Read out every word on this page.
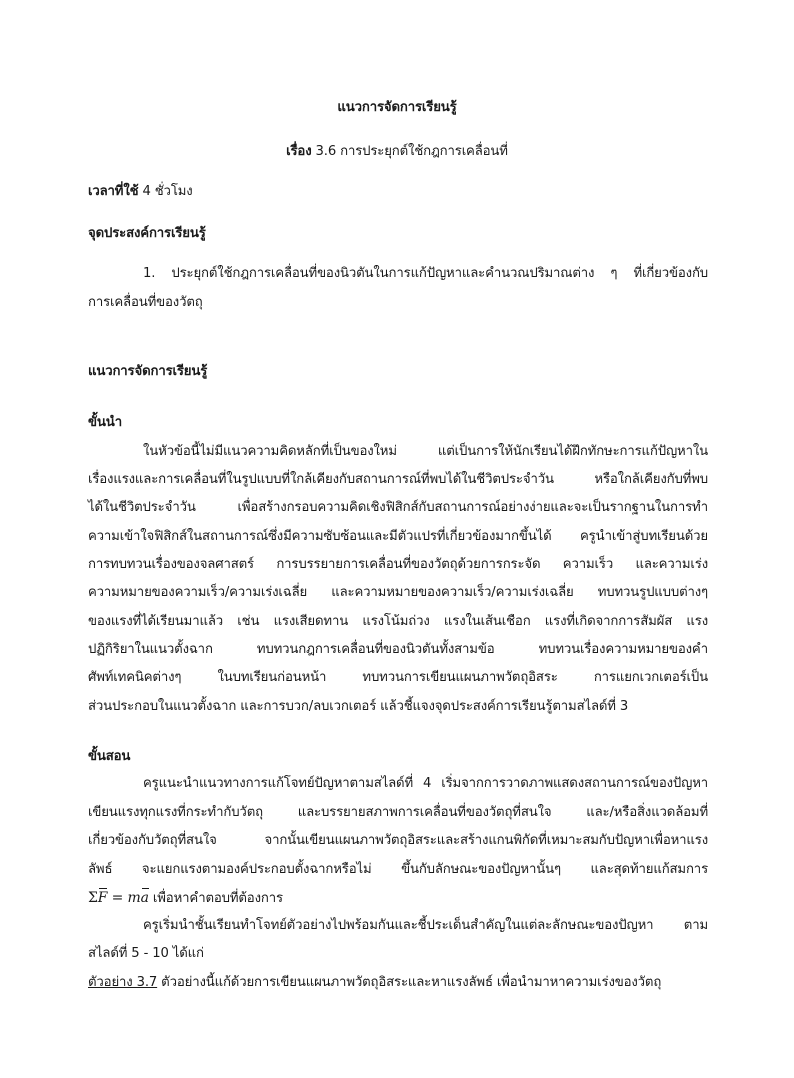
แนวการจัดการเรียนรู้
เรื่อง 3.6 การประยุกต์ใช้กฎการเคลื่อนที่
เวลาที่ใช้ 4 ชั่วโมง
จุดประสงค์การเรียนรู้
1. ประยุกต์ใช้กฎการเคลื่อนที่ของนิวตันในการแก้ปัญหาและคำนวณปริมาณต่าง ๆ ที่เกี่ยวข้องกับ
การเคลื่อนที่ของวัตถุ
แนวการจัดการเรียนรู้
ขั้นนำ
ในหัวข้อนี้ไม่มีแนวความคิดหลักที่เป็นของใหม่ แต่เป็นการให้นักเรียนได้ฝึกทักษะการแก้ปัญหาใน
เรื่องแรงและการเคลื่อนที่ในรูปแบบที่ใกล้เคียงกับสถานการณ์ที่พบได้ในชีวิตประจำวัน หรือใกล้เคียงกับที่พบ
ได้ในชีวิตประจำวัน เพื่อสร้างกรอบความคิดเชิงฟิสิกส์กับสถานการณ์อย่างง่ายและจะเป็นรากฐานในการทำ
ความเข้าใจฟิสิกส์ในสถานการณ์ซึ่งมีความซับซ้อนและมีตัวแปรที่เกี่ยวข้องมากขึ้นได้ ครูนำเข้าสู่บทเรียนด้วย
การทบทวนเรื่องของจลศาสตร์ การบรรยายการเคลื่อนที่ของวัตถุด้วยการกระจัด ความเร็ว และความเร่ง
ความหมายของความเร็ว/ความเร่งเฉลี่ย และความหมายของความเร็ว/ความเร่งเฉลี่ย ทบทวนรูปแบบต่างๆ
ของแรงที่ได้เรียนมาแล้ว เช่น แรงเสียดทาน แรงโน้มถ่วง แรงในเส้นเชือก แรงที่เกิดจากการสัมผัส แรง
ปฏิกิริยาในแนวตั้งฉาก ทบทวนกฎการเคลื่อนที่ของนิวตันทั้งสามข้อ ทบทวนเรื่องความหมายของคำ
ศัพท์เทคนิคต่างๆ ในบทเรียนก่อนหน้า ทบทวนการเขียนแผนภาพวัตถุอิสระ การแยกเวกเตอร์เป็น
ส่วนประกอบในแนวตั้งฉาก และการบวก/ลบเวกเตอร์ แล้วชี้แจงจุดประสงค์การเรียนรู้ตามสไลด์ที่ 3
ขั้นสอน
ครูแนะนำแนวทางการแก้โจทย์ปัญหาตามสไลด์ที่ 4 เริ่มจากการวาดภาพแสดงสถานการณ์ของปัญหา
เขียนแรงทุกแรงที่กระทำกับวัตถุ และบรรยายสภาพการเคลื่อนที่ของวัตถุที่สนใจ และ/หรือสิ่งแวดล้อมที่
เกี่ยวข้องกับวัตถุที่สนใจ จากนั้นเขียนแผนภาพวัตถุอิสระและสร้างแกนพิกัดที่เหมาะสมกับปัญหาเพื่อหาแรง
ลัพธ์ จะแยกแรงตามองค์ประกอบตั้งฉากหรือไม่ ขึ้นกับลักษณะของปัญหานั้นๆ และสุดท้ายแก้สมการ
ΣF = ma เพื่อหาคำตอบที่ต้องการ
ครูเริ่มนำชั้นเรียนทำโจทย์ตัวอย่างไปพร้อมกันและชี้ประเด็นสำคัญในแต่ละลักษณะของปัญหา ตาม
สไลด์ที่ 5 - 10 ได้แก่
ตัวอย่าง 3.7 ตัวอย่างนี้แก้ด้วยการเขียนแผนภาพวัตถุอิสระและหาแรงลัพธ์ เพื่อนำมาหาความเร่งของวัตถุ
